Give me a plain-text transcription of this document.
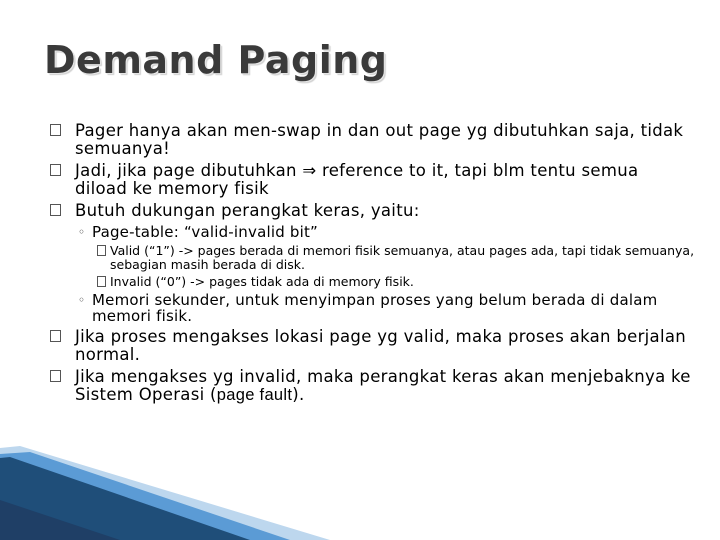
Demand Paging
Pager hanya akan men-swap in dan out page yg dibutuhkan saja, tidak semuanya!
Jadi, jika page dibutuhkan ⇒ reference to it, tapi blm tentu semua diload ke memory fisik
Butuh dukungan perangkat keras, yaitu:
◦ Page-table: “valid-invalid bit”
Valid (“1”) -> pages berada di memori fisik semuanya, atau pages ada, tapi tidak semuanya, sebagian masih berada di disk.
Invalid (“0”) -> pages tidak ada di memory fisik.
◦ Memori sekunder, untuk menyimpan proses yang belum berada di dalam memori fisik.
Jika proses mengakses lokasi page yg valid, maka proses akan berjalan normal.
Jika mengakses yg invalid, maka perangkat keras akan menjebaknya ke Sistem Operasi (page fault).
